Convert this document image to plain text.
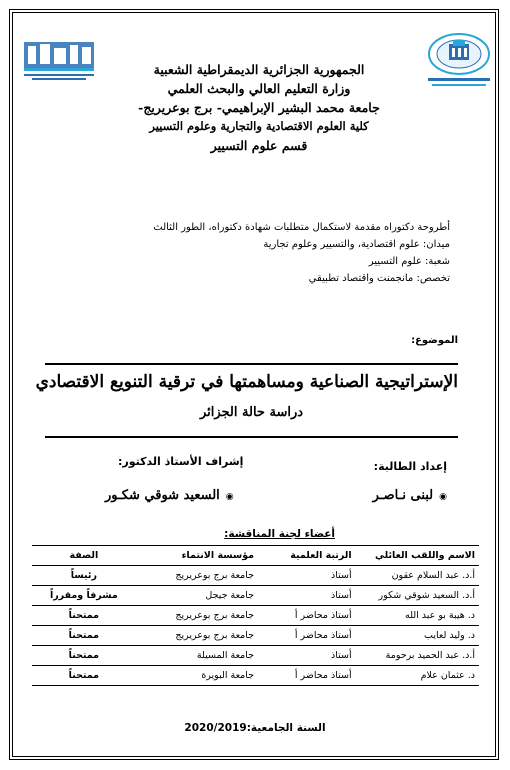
الجمهورية الجزائرية الديمقراطية الشعبية
وزارة التعليم العالي والبحث العلمي
جامعة محمد البشير الإبراهيمي- برج بوعريريج-
كلية العلوم الاقتصادية والتجارية وعلوم التسيير
قسم علوم التسيير
أطروحة دكتوراه مقدمة لاستكمال متطلبات شهادة دكتوراه، الطور الثالث
ميدان: علوم اقتصادية، والتسيير وعلوم تجارية
شعبة: علوم التسيير
تخصص: مانجمنت واقتصاد تطبيقي
الموضوع:
الإستراتيجية الصناعية ومساهمتها في ترقية التنويع الاقتصادي
دراسة حالة الجزائر
إعداد الطالبة:
إشراف الأستاذ الدكتور:
◉لبنى نـاصـر
◉السعيد شوقي شكـور
أعضاء لجنة المناقشة:
الاسم واللقب العائلي	الرتبة العلمية	مؤسسة الانتماء	الصفة
أ.د. عبد السلام عقون	أستاذ	جامعة برج بوعريريج	رئيساً
أ.د. السعيد شوقي شكور	أستاذ	جامعة جيجل	مشرفاً ومقرراً
د. هيبة بو عبد الله	أستاذ محاضر أ	جامعة برج بوعريريج	ممتحناً
د. وليد لعايب	أستاذ محاضر أ	جامعة برج بوعريريج	ممتحناً
أ.د. عبد الحميد برحومة	أستاذ	جامعة المسيلة	ممتحناً
د. عثمان علام	أستاذ محاضر أ	جامعة البويرة	ممتحناً
السنة الجامعية:2020/2019
